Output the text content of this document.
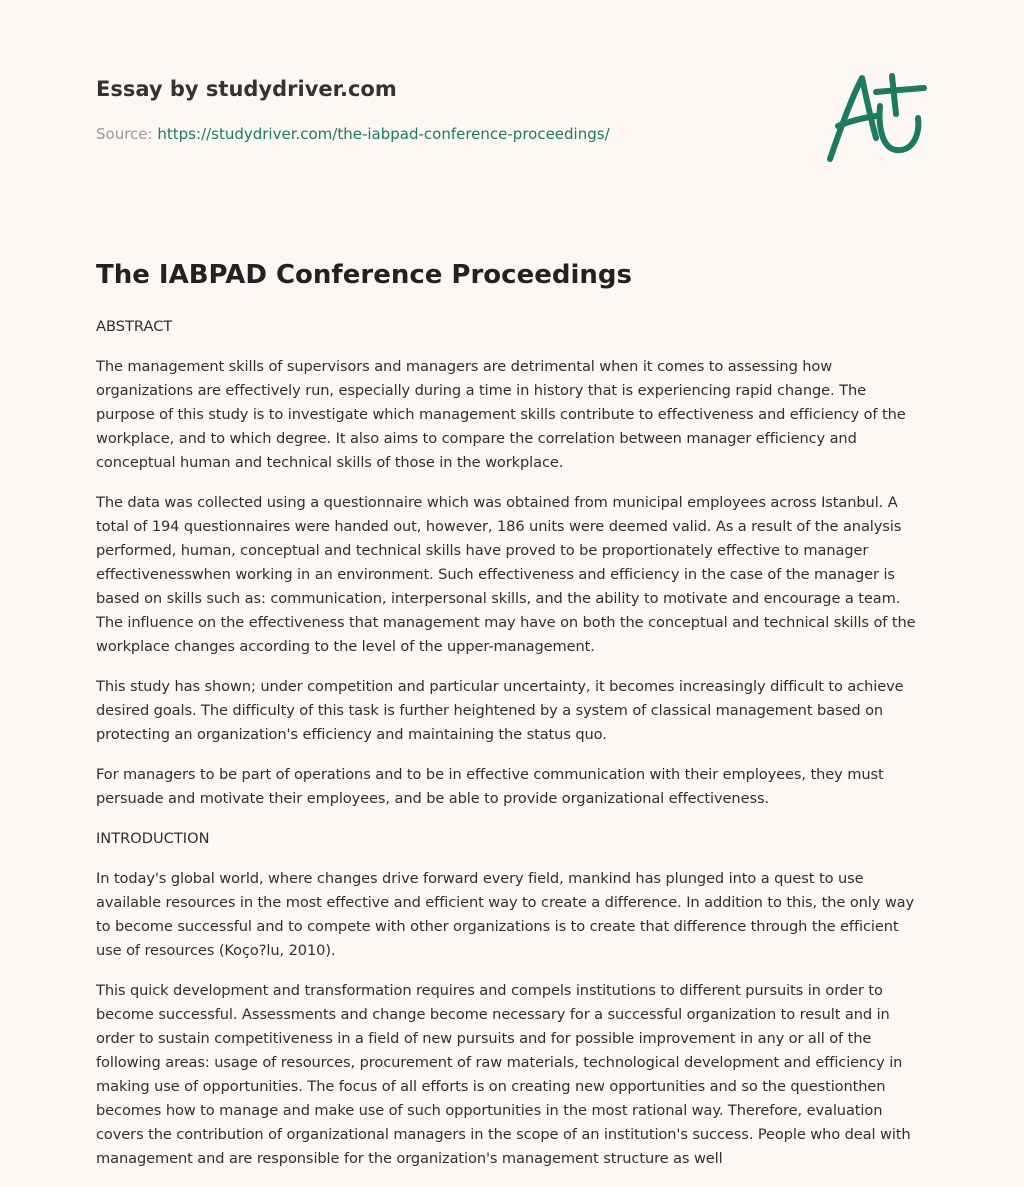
Essay by studydriver.com
Source: https://studydriver.com/the-iabpad-conference-proceedings/
The IABPAD Conference Proceedings

ABSTRACT

The management skills of supervisors and managers are detrimental when it comes to assessing how organizations are effectively run, especially during a time in history that is experiencing rapid change. The purpose of this study is to investigate which management skills contribute to effectiveness and efficiency of the workplace, and to which degree. It also aims to compare the correlation between manager efficiency and conceptual human and technical skills of those in the workplace.

The data was collected using a questionnaire which was obtained from municipal employees across Istanbul. A total of 194 questionnaires were handed out, however, 186 units were deemed valid. As a result of the analysis performed, human, conceptual and technical skills have proved to be proportionately effective to manager effectivenesswhen working in an environment. Such effectiveness and efficiency in the case of the manager is based on skills such as: communication, interpersonal skills, and the ability to motivate and encourage a team. The influence on the effectiveness that management may have on both the conceptual and technical skills of the workplace changes according to the level of the upper-management.

This study has shown; under competition and particular uncertainty, it becomes increasingly difficult to achieve desired goals. The difficulty of this task is further heightened by a system of classical management based on protecting an organization's efficiency and maintaining the status quo.

For managers to be part of operations and to be in effective communication with their employees, they must persuade and motivate their employees, and be able to provide organizational effectiveness.

INTRODUCTION

In today's global world, where changes drive forward every field, mankind has plunged into a quest to use available resources in the most effective and efficient way to create a difference. In addition to this, the only way to become successful and to compete with other organizations is to create that difference through the efficient use of resources (Koço?lu, 2010).

This quick development and transformation requires and compels institutions to different pursuits in order to become successful. Assessments and change become necessary for a successful organization to result and in order to sustain competitiveness in a field of new pursuits and for possible improvement in any or all of the following areas: usage of resources, procurement of raw materials, technological development and efficiency in making use of opportunities. The focus of all efforts is on creating new opportunities and so the questionthen becomes how to manage and make use of such opportunities in the most rational way. Therefore, evaluation covers the contribution of organizational managers in the scope of an institution's success. People who deal with management and are responsible for the organization's management structure as well
